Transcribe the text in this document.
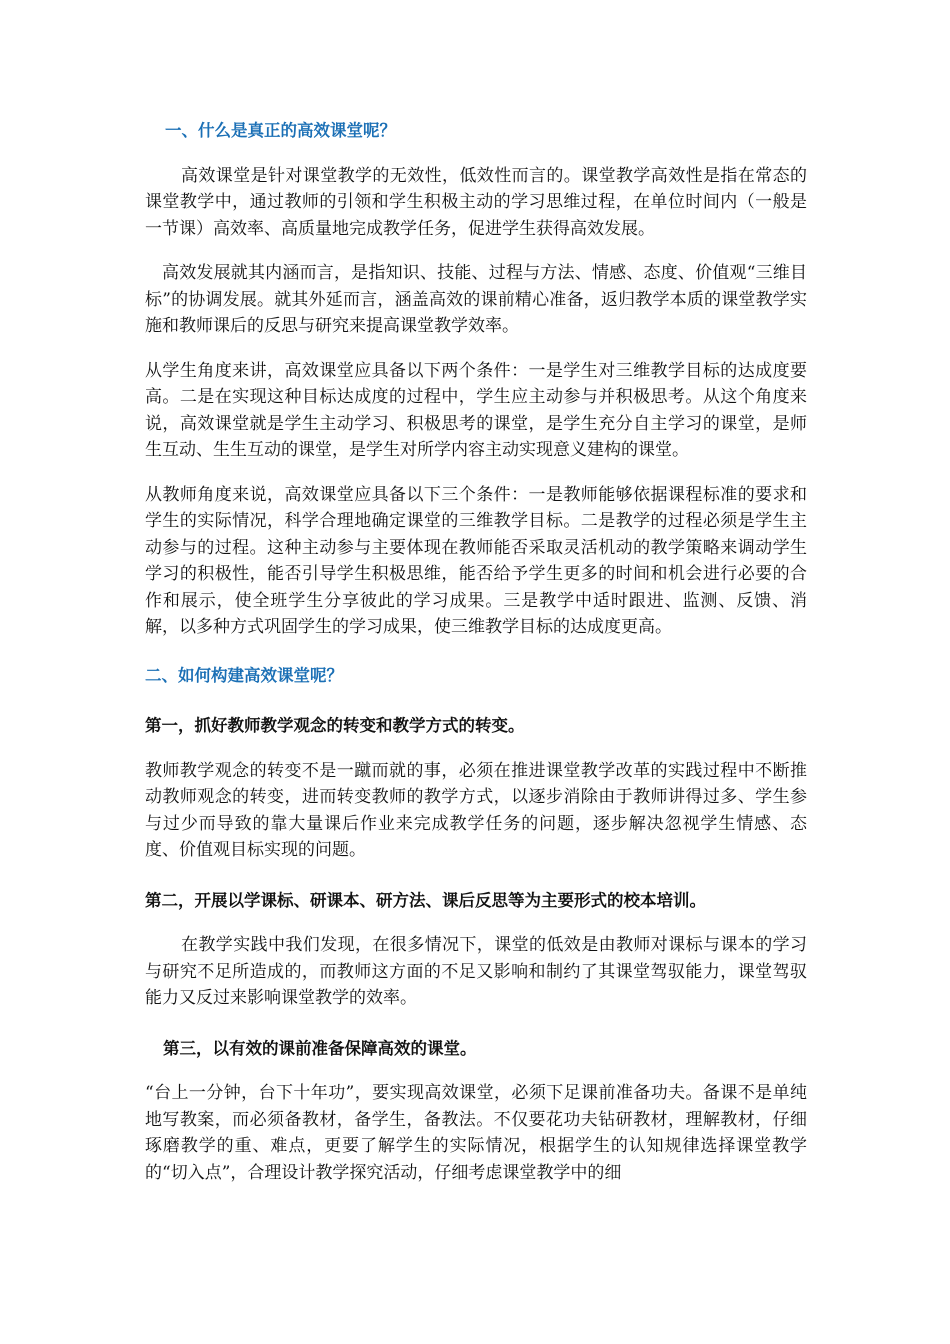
一、什么是真正的高效课堂呢？

高效课堂是针对课堂教学的无效性，低效性而言的。课堂教学高效性是指在常态的课堂教学中，通过教师的引领和学生积极主动的学习思维过程，在单位时间内（一般是一节课）高效率、高质量地完成教学任务，促进学生获得高效发展。

高效发展就其内涵而言，是指知识、技能、过程与方法、情感、态度、价值观“三维目标”的协调发展。就其外延而言，涵盖高效的课前精心准备，返归教学本质的课堂教学实施和教师课后的反思与研究来提高课堂教学效率。

从学生角度来讲，高效课堂应具备以下两个条件：一是学生对三维教学目标的达成度要高。二是在实现这种目标达成度的过程中，学生应主动参与并积极思考。从这个角度来说，高效课堂就是学生主动学习、积极思考的课堂，是学生充分自主学习的课堂，是师生互动、生生互动的课堂，是学生对所学内容主动实现意义建构的课堂。

从教师角度来说，高效课堂应具备以下三个条件：一是教师能够依据课程标准的要求和学生的实际情况，科学合理地确定课堂的三维教学目标。二是教学的过程必须是学生主动参与的过程。这种主动参与主要体现在教师能否采取灵活机动的教学策略来调动学生学习的积极性，能否引导学生积极思维，能否给予学生更多的时间和机会进行必要的合作和展示，使全班学生分享彼此的学习成果。三是教学中适时跟进、监测、反馈、消解，以多种方式巩固学生的学习成果，使三维教学目标的达成度更高。

二、如何构建高效课堂呢？
第一，抓好教师教学观念的转变和教学方式的转变。

教师教学观念的转变不是一蹴而就的事，必须在推进课堂教学改革的实践过程中不断推动教师观念的转变，进而转变教师的教学方式，以逐步消除由于教师讲得过多、学生参与过少而导致的靠大量课后作业来完成教学任务的问题，逐步解决忽视学生情感、态度、价值观目标实现的问题。

第二，开展以学课标、研课本、研方法、课后反思等为主要形式的校本培训。

在教学实践中我们发现，在很多情况下，课堂的低效是由教师对课标与课本的学习与研究不足所造成的，而教师这方面的不足又影响和制约了其课堂驾驭能力，课堂驾驭能力又反过来影响课堂教学的效率。

第三，以有效的课前准备保障高效的课堂。

“台上一分钟，台下十年功”，要实现高效课堂，必须下足课前准备功夫。备课不是单纯地写教案，而必须备教材，备学生，备教法。不仅要花功夫钻研教材，理解教材，仔细琢磨教学的重、难点，更要了解学生的实际情况，根据学生的认知规律选择课堂教学的“切入点”，合理设计教学探究活动，仔细考虑课堂教学中的细
